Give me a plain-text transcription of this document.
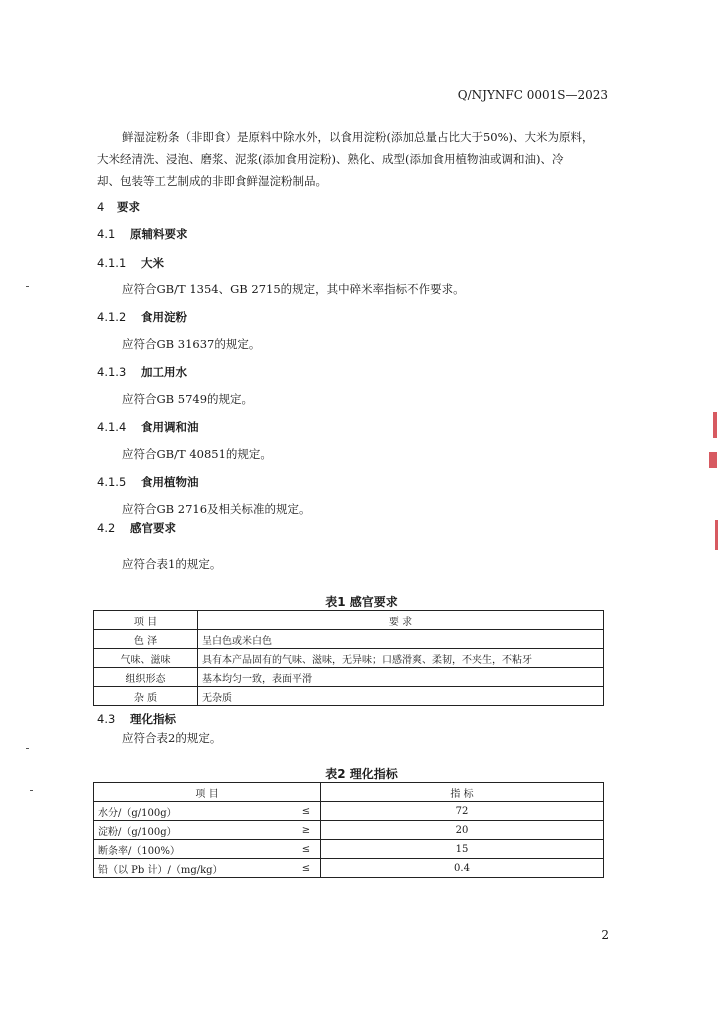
Q/NJYNFC 0001S—2023
鲜湿淀粉条（非即食）是原料中除水外，以食用淀粉(添加总量占比大于50%)、大米为原料，
大米经清洗、浸泡、磨浆、泥浆(添加食用淀粉)、熟化、成型(添加食用植物油或调和油)、冷
却、包装等工艺制成的非即食鲜湿淀粉制品。
4 要求
4.1 原辅料要求
4.1.1 大米
应符合GB/T 1354、GB 2715的规定，其中碎米率指标不作要求。
4.1.2 食用淀粉
应符合GB 31637的规定。
4.1.3 加工用水
应符合GB 5749的规定。
4.1.4 食用调和油
应符合GB/T 40851的规定。
4.1.5 食用植物油
应符合GB 2716及相关标准的规定。
4.2 感官要求
应符合表1的规定。
表1 感官要求
项 目	要 求
色 泽	呈白色或米白色
气味、滋味	具有本产品固有的气味、滋味，无异味；口感滑爽、柔韧，不夹生，不粘牙
组织形态	基本均匀一致，表面平滑
杂 质	无杂质
4.3 理化指标
应符合表2的规定。
表2 理化指标
项 目		指 标
水分/（g/100g）	≤	72
淀粉/（g/100g）	≥	20
断条率/（100%）	≤	15
铅（以 Pb 计）/（mg/kg）	≤	0.4
2
